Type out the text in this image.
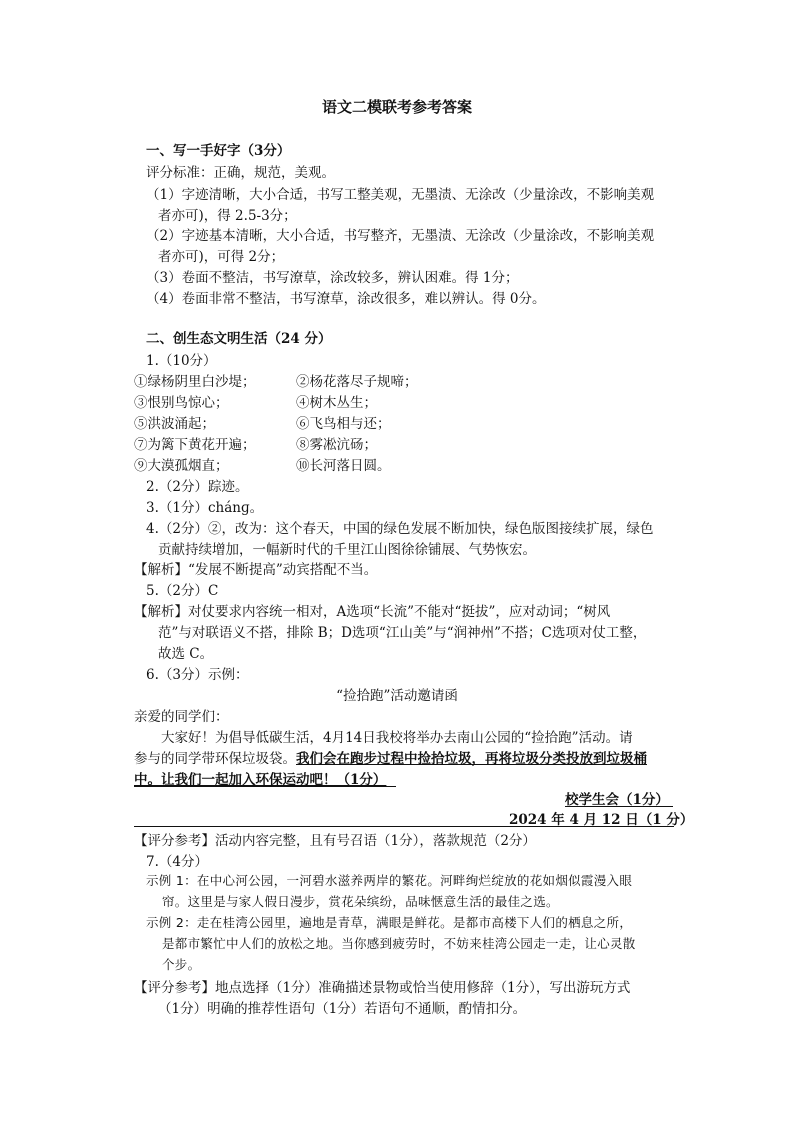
语文二模联考参考答案
一、写一手好字（3分）
评分标准：正确，规范，美观。
（1）字迹清晰，大小合适，书写工整美观，无墨渍、无涂改（少量涂改，不影响美观
者亦可)，得 2.5-3分；
（2）字迹基本清晰，大小合适，书写整齐，无墨渍、无涂改（少量涂改，不影响美观
者亦可)，可得 2分；
（3）卷面不整洁，书写潦草，涂改较多，辨认困难。得 1分；
（4）卷面非常不整洁，书写潦草，涂改很多，难以辨认。得 0分。
二、创生态文明生活（24 分）
1.（10分）
①绿杨阴里白沙堤；	②杨花落尽子规啼；
③恨别鸟惊心；	④树木丛生；
⑤洪波涌起；	⑥飞鸟相与还；
⑦为篱下黄花开遍；	⑧雾凇沆砀；
⑨大漠孤烟直；	⑩长河落日圆。
2.（2分）踪迹。
3.（1分）chánɡ。
4.（2分）②，改为：这个春天，中国的绿色发展不断加快，绿色版图接续扩展，绿色
贡献持续增加，一幅新时代的千里江山图徐徐铺展、气势恢宏。
【解析】“发展不断提高”动宾搭配不当。
5.（2分）C
【解析】对仗要求内容统一相对，A选项“长流”不能对“挺拔”，应对动词；“树风
范”与对联语义不搭，排除 B；D选项“江山美”与“润神州”不搭；C选项对仗工整，
故选 C。
6.（3分）示例：
“捡拾跑”活动邀请函
亲爱的同学们：
大家好！为倡导低碳生活，4月14日我校将举办去南山公园的“捡拾跑”活动。请
参与的同学带环保垃圾袋。我们会在跑步过程中捡拾垃圾，再将垃圾分类投放到垃圾桶
中。让我们一起加入环保运动吧！（1分）
校学生会（1分）
2024 年 4 月 12 日（1 分）
【评分参考】活动内容完整，且有号召语（1分），落款规范（2分）
7.（4分）
示例 1：在中心河公园，一河碧水滋养两岸的繁花。河畔绚烂绽放的花如烟似霞漫入眼
帘。这里是与家人假日漫步，赏花朵缤纷，品味惬意生活的最佳之选。
示例 2：走在桂湾公园里，遍地是青草，满眼是鲜花。是都市高楼下人们的栖息之所，
是都市繁忙中人们的放松之地。当你感到疲劳时，不妨来桂湾公园走一走，让心灵散
个步。
【评分参考】地点选择（1分）准确描述景物或恰当使用修辞（1分），写出游玩方式
（1分）明确的推荐性语句（1分）若语句不通顺，酌情扣分。
